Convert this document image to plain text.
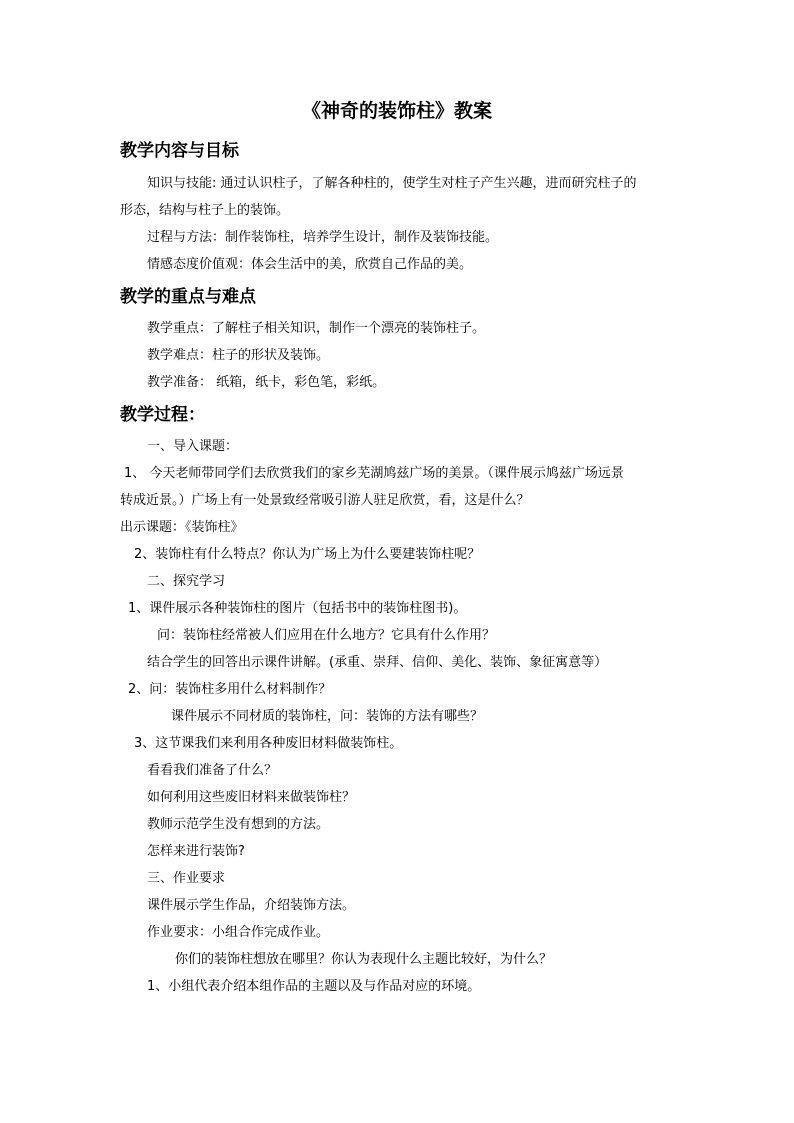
《神奇的装饰柱》教案
教学内容与目标
知识与技能: 通过认识柱子，了解各种柱的，使学生对柱子产生兴趣，进而研究柱子的
形态，结构与柱子上的装饰。
过程与方法：制作装饰柱，培养学生设计，制作及装饰技能。
情感态度价值观：体会生活中的美，欣赏自己作品的美。
教学的重点与难点
教学重点：了解柱子相关知识，制作一个漂亮的装饰柱子。
教学难点：柱子的形状及装饰。
教学准备： 纸箱，纸卡，彩色笔，彩纸。
教学过程：
一、导入课题：
1、 今天老师带同学们去欣赏我们的家乡芜湖鸠兹广场的美景。（课件展示鸠兹广场远景
转成近景。）广场上有一处景致经常吸引游人驻足欣赏，看，这是什么？
出示课题：《装饰柱》
2、装饰柱有什么特点？你认为广场上为什么要建装饰柱呢？
二、探究学习
1、课件展示各种装饰柱的图片（包括书中的装饰柱图书)。
问：装饰柱经常被人们应用在什么地方？它具有什么作用？
结合学生的回答出示课件讲解。(承重、崇拜、信仰、美化、装饰、象征寓意等）
2、问：装饰柱多用什么材料制作？
课件展示不同材质的装饰柱，问：装饰的方法有哪些？
3、这节课我们来利用各种废旧材料做装饰柱。
看看我们准备了什么？
如何利用这些废旧材料来做装饰柱？
教师示范学生没有想到的方法。
怎样来进行装饰?
三、作业要求
课件展示学生作品，介绍装饰方法。
作业要求：小组合作完成作业。
你们的装饰柱想放在哪里？你认为表现什么主题比较好，为什么？
1、小组代表介绍本组作品的主题以及与作品对应的环境。
